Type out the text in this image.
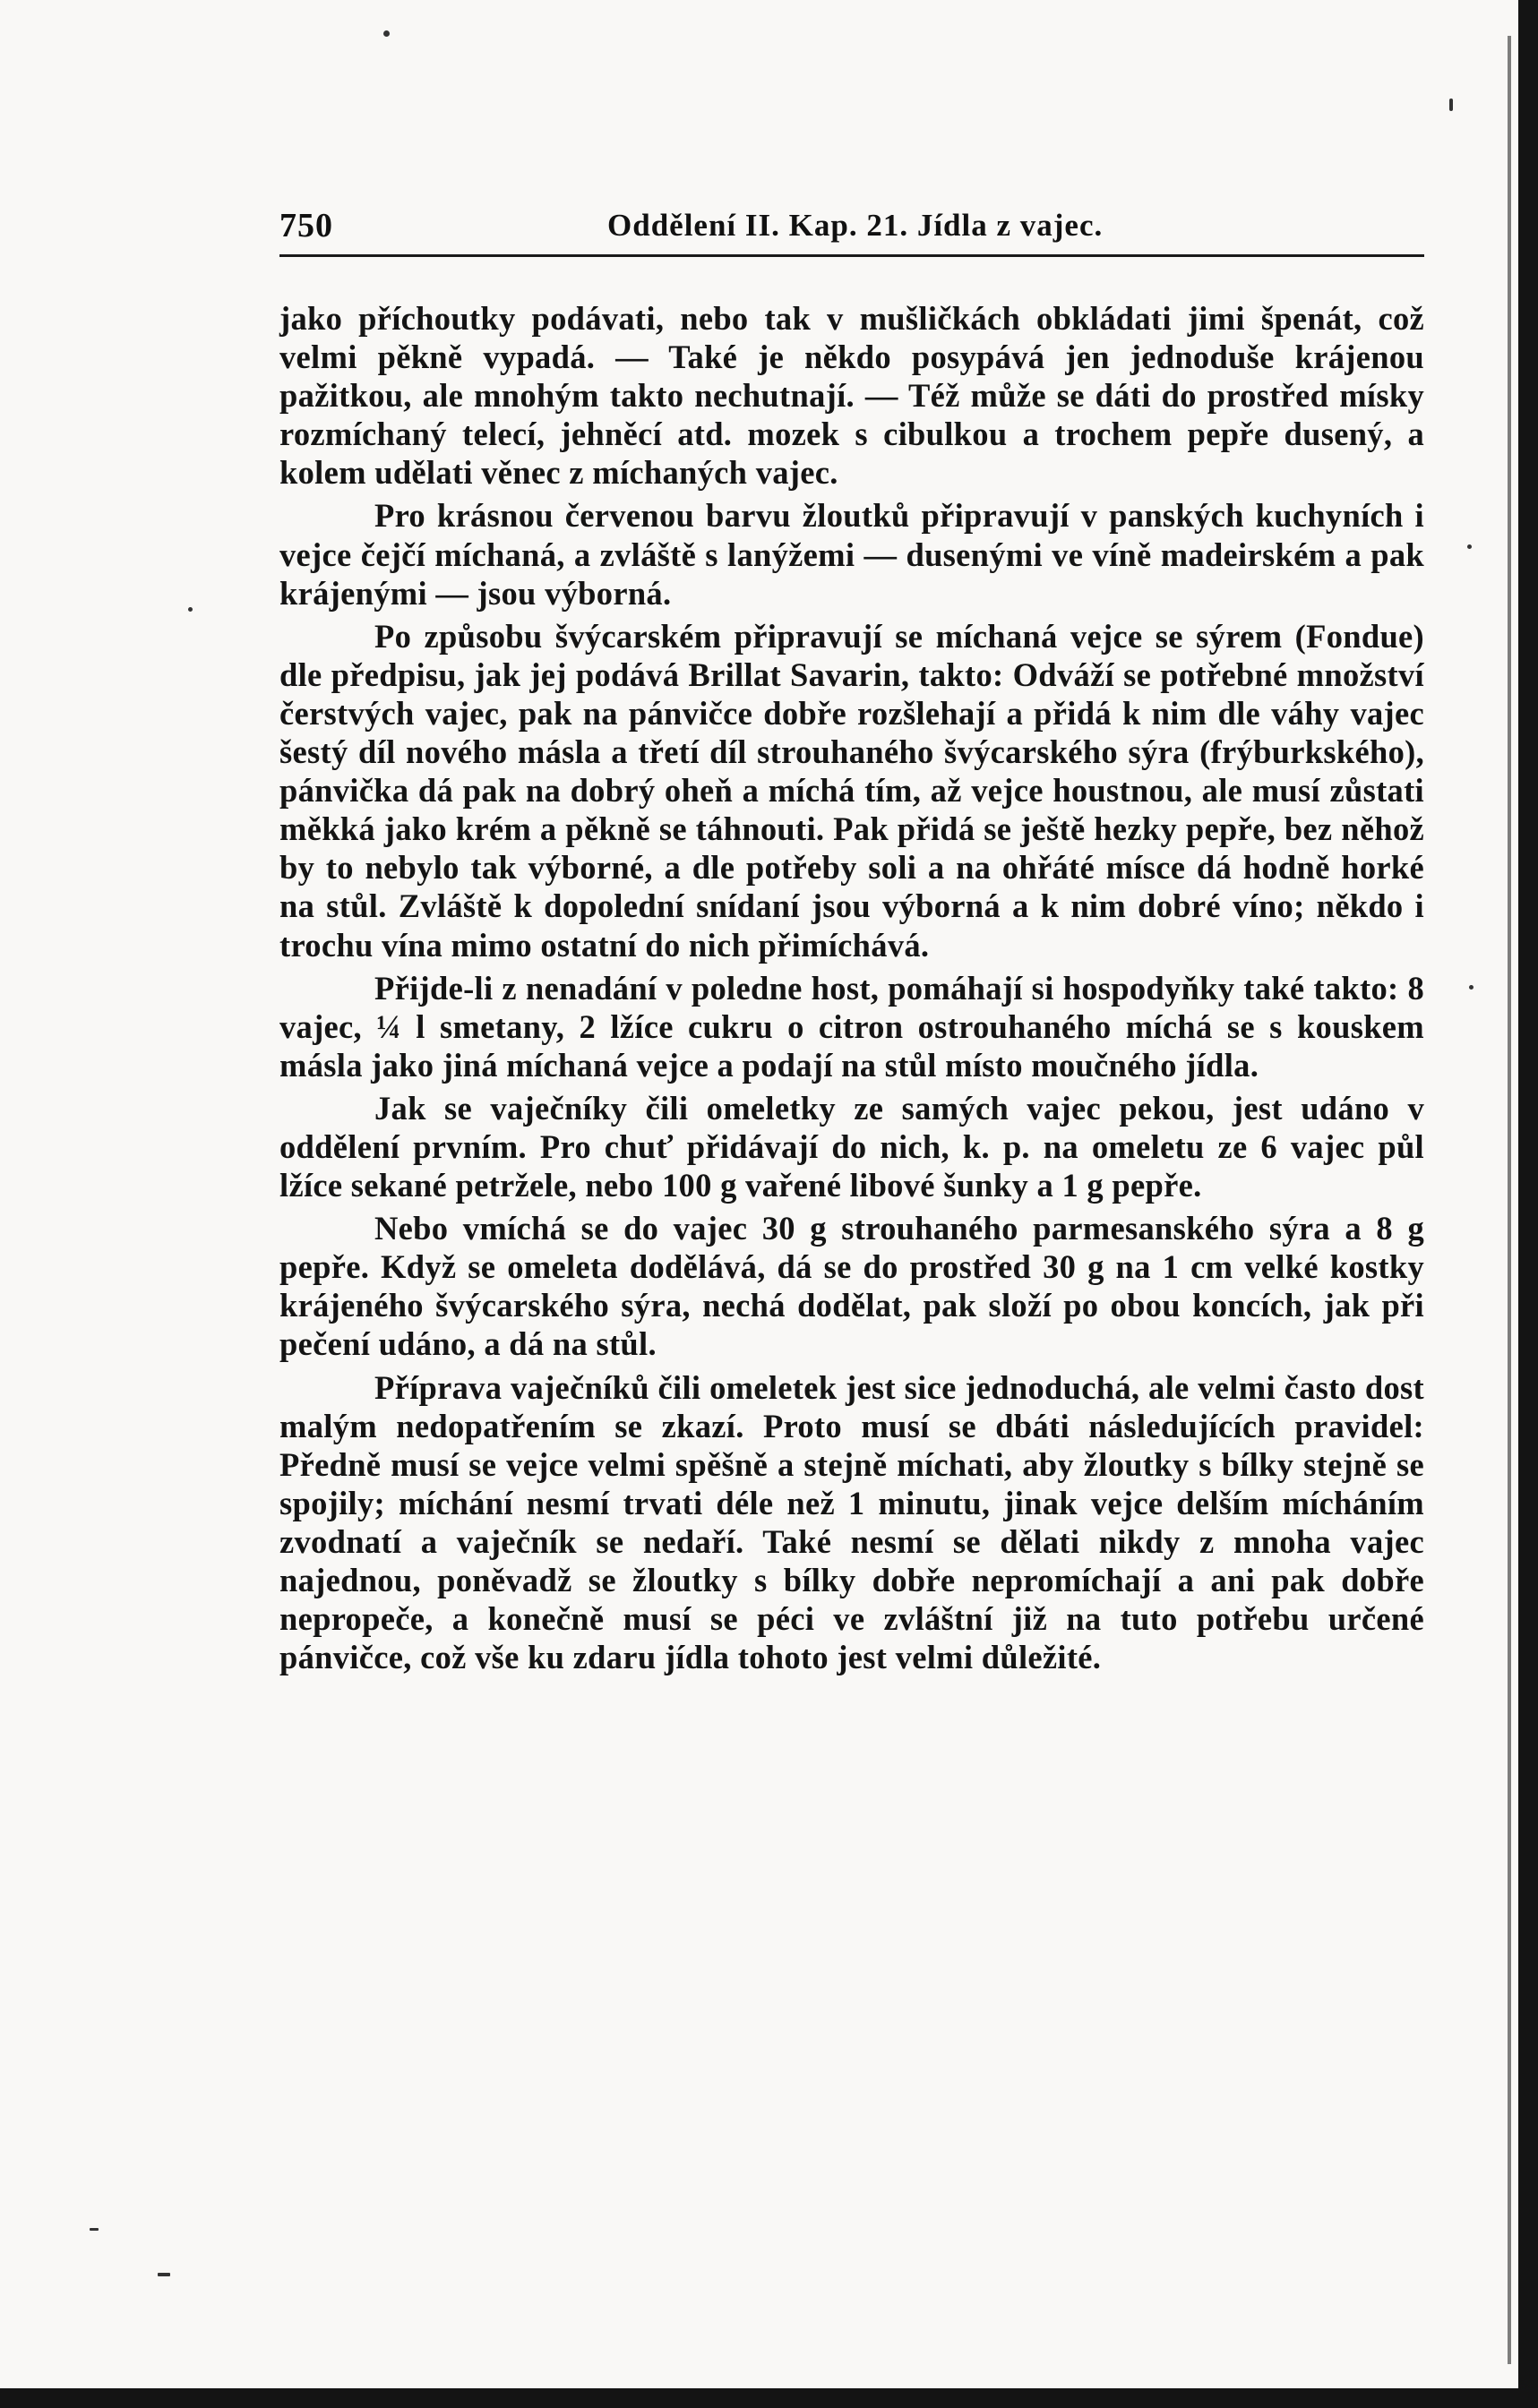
750	Oddělení II. Kap. 21. Jídla z vajec.

jako příchoutky podávati, nebo tak v mušličkách obkládati jimi špenát, což velmi pěkně vypadá. — Také je někdo posypává jen jednoduše krájenou pažitkou, ale mnohým takto nechutnají. — Též může se dáti do prostřed mísky rozmíchaný telecí, jehněcí atd. mozek s cibulkou a trochem pepře dusený, a kolem udělati věnec z míchaných vajec.

Pro krásnou červenou barvu žloutků připravují v panských kuchyních i vejce čejčí míchaná, a zvláště s lanýžemi — dusenými ve víně madeirském a pak krájenými — jsou výborná.

Po způsobu švýcarském připravují se míchaná vejce se sýrem (Fondue) dle předpisu, jak jej podává Brillat Savarin, takto: Odváží se potřebné množství čerstvých vajec, pak na pánvičce dobře rozšlehají a přidá k nim dle váhy vajec šestý díl nového másla a třetí díl strouhaného švýcarského sýra (frýburkského), pánvička dá pak na dobrý oheň a míchá tím, až vejce houstnou, ale musí zůstati měkká jako krém a pěkně se táhnouti. Pak přidá se ještě hezky pepře, bez něhož by to nebylo tak výborné, a dle potřeby soli a na ohřáté mísce dá hodně horké na stůl. Zvláště k dopolední snídaní jsou výborná a k nim dobré víno; někdo i trochu vína mimo ostatní do nich přimíchává.

Přijde-li z nenadání v poledne host, pomáhají si hospodyňky také takto: 8 vajec, ¼ l smetany, 2 lžíce cukru o citron ostrouhaného míchá se s kouskem másla jako jiná míchaná vejce a podají na stůl místo moučného jídla.

Jak se vaječníky čili omeletky ze samých vajec pekou, jest udáno v oddělení prvním. Pro chuť přidávají do nich, k. p. na omeletu ze 6 vajec půl lžíce sekané petržele, nebo 100 g vařené libové šunky a 1 g pepře.

Nebo vmíchá se do vajec 30 g strouhaného parmesanského sýra a 8 g pepře. Když se omeleta dodělává, dá se do prostřed 30 g na 1 cm velké kostky krájeného švýcarského sýra, nechá dodělat, pak složí po obou koncích, jak při pečení udáno, a dá na stůl.

Příprava vaječníků čili omeletek jest sice jednoduchá, ale velmi často dost malým nedopatřením se zkazí. Proto musí se dbáti následujících pravidel: Předně musí se vejce velmi spěšně a stejně míchati, aby žloutky s bílky stejně se spojily; míchání nesmí trvati déle než 1 minutu, jinak vejce delším mícháním zvodnatí a vaječník se nedaří. Také nesmí se dělati nikdy z mnoha vajec najednou, poněvadž se žloutky s bílky dobře nepromíchají a ani pak dobře nepropeče, a konečně musí se péci ve zvláštní již na tuto potřebu určené pánvičce, což vše ku zdaru jídla tohoto jest velmi důležité.
